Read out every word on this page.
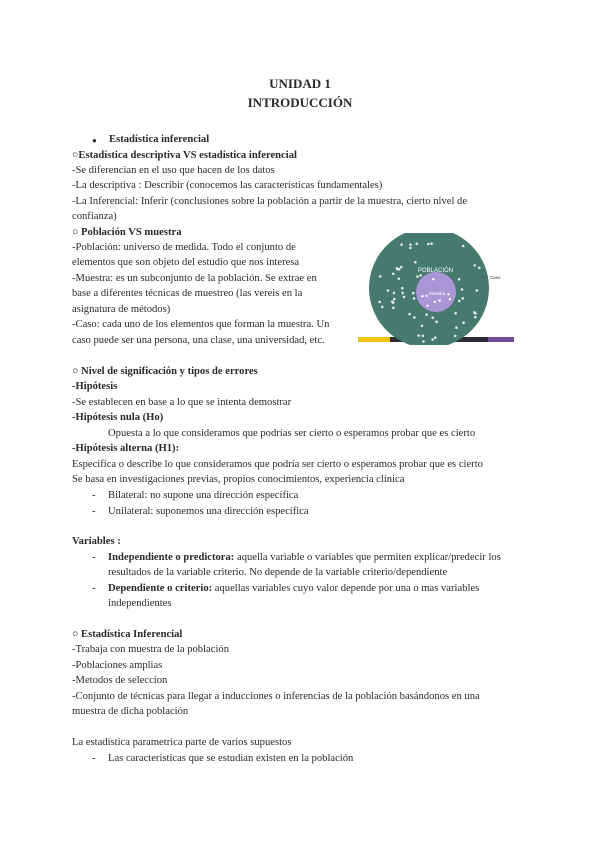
UNIDAD 1
INTRODUCCIÓN
● Estadística inferencial
○Estadística descriptiva VS estadística inferencial
-Se diferencian en el uso que hacen de los datos
-La descriptiva : Describir (conocemos las características fundamentales)
-La Inferencial: Inferir (conclusiones sobre la población a partir de la muestra, cierto nivel de
confianza)
○ Población VS muestra
-Población: universo de medida. Todo el conjunto de
elementos que son objeto del estudio que nos interesa
-Muestra: es un subconjunto de la población. Se extrae en
base a diferentes técnicas de muestreo (las vereis en la
asignatura de métodos)
-Caso: cada uno de los elementos que forman la muestra. Un
caso puede ser una persona, una clase, una universidad, etc.
POBLACIÓN
Muestra
Caso
○ Nivel de significación y tipos de errores
-Hipótesis
-Se establecen en base a lo que se intenta demostrar
-Hipótesis nula (Ho)
Opuesta a lo que consideramos que podrías ser cierto o esperamos probar que es cierto
-Hipótesis alterna (H1):
Especifica o describe lo que consideramos que podría ser cierto o esperamos probar que es cierto
Se basa en investigaciones previas, propios conocimientos, experiencia clínica
- Bilateral: no supone una dirección específica
- Unilateral: suponemos una dirección específica
Variables :
- Independiente o predictora: aquella variable o variables que permiten explicar/predecir los
resultados de la variable criterio. No depende de la variable criterio/dependiente
- Dependiente o criterio: aquellas variables cuyo valor depende por una o mas variables
independientes
○ Estadística Inferencial
-Trabaja con muestra de la población
-Poblaciones amplias
-Metodos de seleccion
-Conjunto de técnicas para llegar a inducciones o inferencias de la población basándonos en una
muestra de dicha población
La estadistica parametrica parte de varios supuestos
- Las características que se estudian existen en la población
